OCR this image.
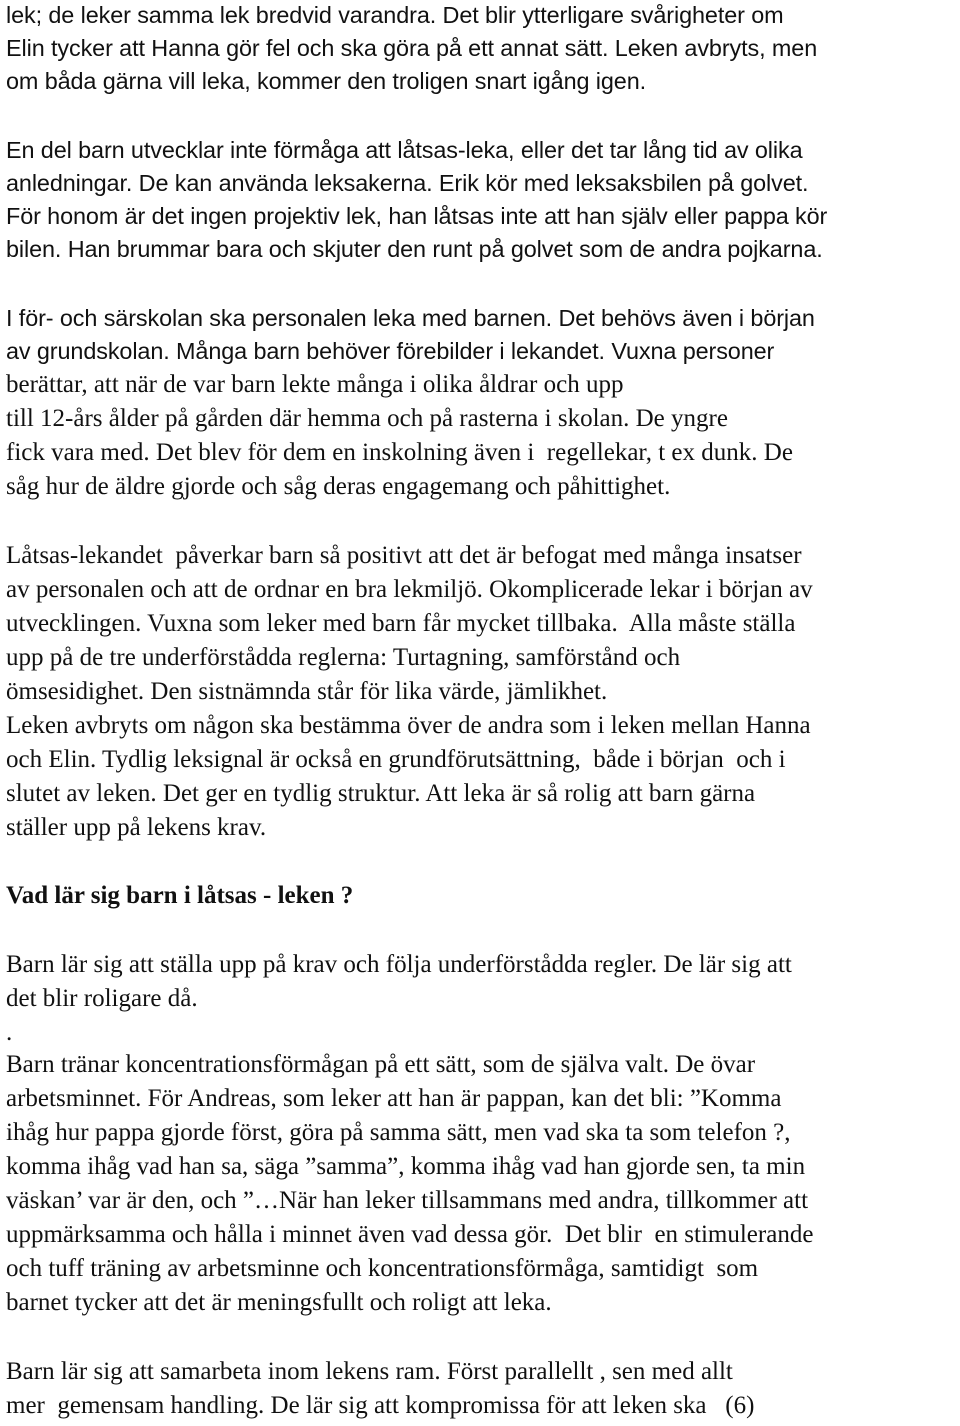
lek; de leker samma lek bredvid varandra. Det blir ytterligare svårigheter om
Elin tycker att Hanna gör fel och ska göra på ett annat sätt. Leken avbryts, men
om båda gärna vill leka, kommer den troligen snart igång igen.
En del barn utvecklar inte förmåga att låtsas-leka, eller det tar lång tid av olika
anledningar. De kan använda leksakerna. Erik kör med leksaksbilen på golvet.
För honom är det ingen projektiv lek, han låtsas inte att han själv eller pappa kör
bilen. Han brummar bara och skjuter den runt på golvet som de andra pojkarna.
I för- och särskolan ska personalen leka med barnen. Det behövs även i början
av grundskolan. Många barn behöver förebilder i lekandet. Vuxna personer
berättar, att när de var barn lekte många i olika åldrar och upp
till 12-års ålder på gården där hemma och på rasterna i skolan. De yngre
fick vara med. Det blev för dem en inskolning även i  regellekar, t ex dunk. De
såg hur de äldre gjorde och såg deras engagemang och påhittighet.
Låtsas-lekandet  påverkar barn så positivt att det är befogat med många insatser
av personalen och att de ordnar en bra lekmiljö. Okomplicerade lekar i början av
utvecklingen. Vuxna som leker med barn får mycket tillbaka.  Alla måste ställa
upp på de tre underförstådda reglerna: Turtagning, samförstånd och
ömsesidighet. Den sistnämnda står för lika värde, jämlikhet.
Leken avbryts om någon ska bestämma över de andra som i leken mellan Hanna
och Elin. Tydlig leksignal är också en grundförutsättning,  både i början  och i
slutet av leken. Det ger en tydlig struktur. Att leka är så rolig att barn gärna
ställer upp på lekens krav.
Vad lär sig barn i låtsas - leken ?
Barn lär sig att ställa upp på krav och följa underförstådda regler. De lär sig att
det blir roligare då.
.
Barn tränar koncentrationsförmågan på ett sätt, som de själva valt. De övar
arbetsminnet. För Andreas, som leker att han är pappan, kan det bli: ”Komma
ihåg hur pappa gjorde först, göra på samma sätt, men vad ska ta som telefon ?,
komma ihåg vad han sa, säga ”samma”, komma ihåg vad han gjorde sen, ta min
väskan’ var är den, och ”…När han leker tillsammans med andra, tillkommer att
uppmärksamma och hålla i minnet även vad dessa gör.  Det blir  en stimulerande
och tuff träning av arbetsminne och koncentrationsförmåga, samtidigt  som
barnet tycker att det är meningsfullt och roligt att leka.
Barn lär sig att samarbeta inom lekens ram. Först parallellt , sen med allt
mer  gemensam handling. De lär sig att kompromissa för att leken ska   (6)
